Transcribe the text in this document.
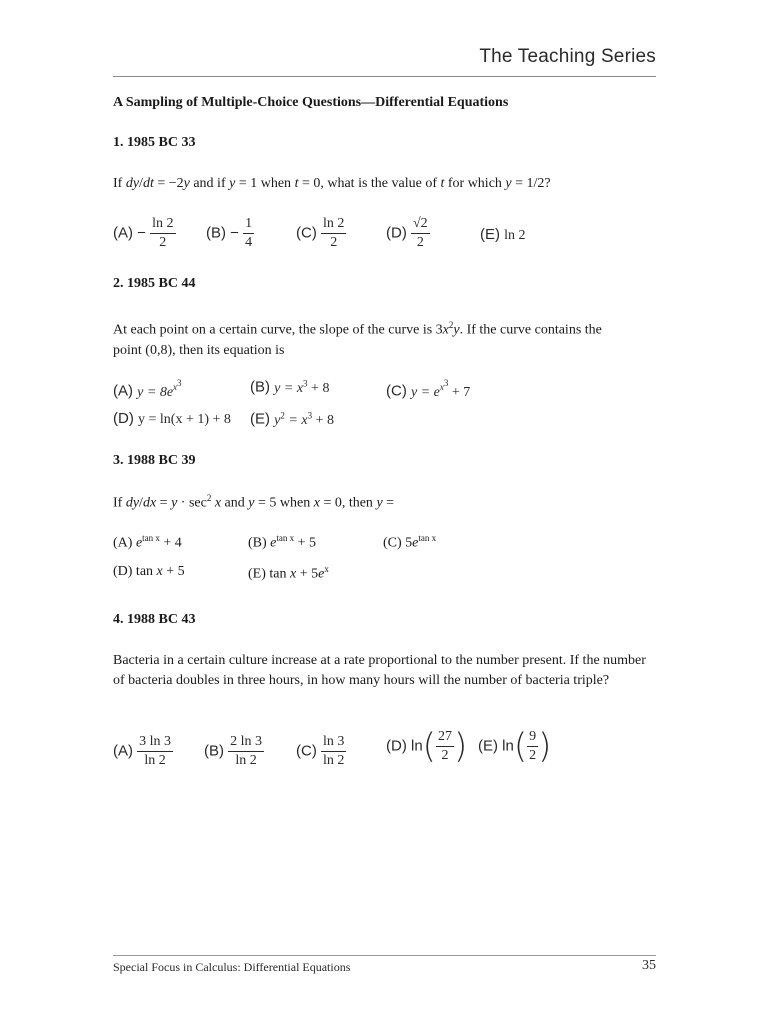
The Teaching Series
A Sampling of Multiple-Choice Questions—Differential Equations
1. 1985 BC 33
If dy/dt = −2y and if y = 1 when t = 0, what is the value of t for which y = 1/2?
$(A) - \frac{\ln 2}{2} (B) - \frac{1}{4}$	$(C) \frac{\ln 2}{2}$	$(D) \frac{√2}{2}$	(E) ln 2
2. 1985 BC 44
At each point on a certain curve, the slope of the curve is $3x^2y$. If the curve contains the
point (0,8), then its equation is
(A) $y = 8e^{x^3}$	(B) $y = x^3 + 8$	(C) $y = e^{x^3} + 7$
(D) y = ln(x + 1) + 8 (E) $y^2 = x^3 + 8$
3. 1988 BC 39
If $dy/dx = y \cdot \sec^2 x$ and y = 5 when x = 0, then y =
(A) $e^{tan x} + 4$	(B) $e^{tan x} + 5$	(C) $5e^{tan x}$
(D) tan x + 5	(E) $\tan x + 5e^x$
4. 1988 BC 43
Bacteria in a certain culture increase at a rate proportional to the number present. If the number of bacteria doubles in three hours, in how many hours will the number of bacteria triple?
$(A) \frac{3 \ln 3}{\ln 2} (B) \frac{2 \ln 3}{\ln 2} (C) \frac{\ln 3}{\ln 2}$	(D) $\ln( \frac{27}{2}$ ) (E) $\ln( \frac{9}{2}$ )
Special Focus in Calculus: Differential Equations	35
